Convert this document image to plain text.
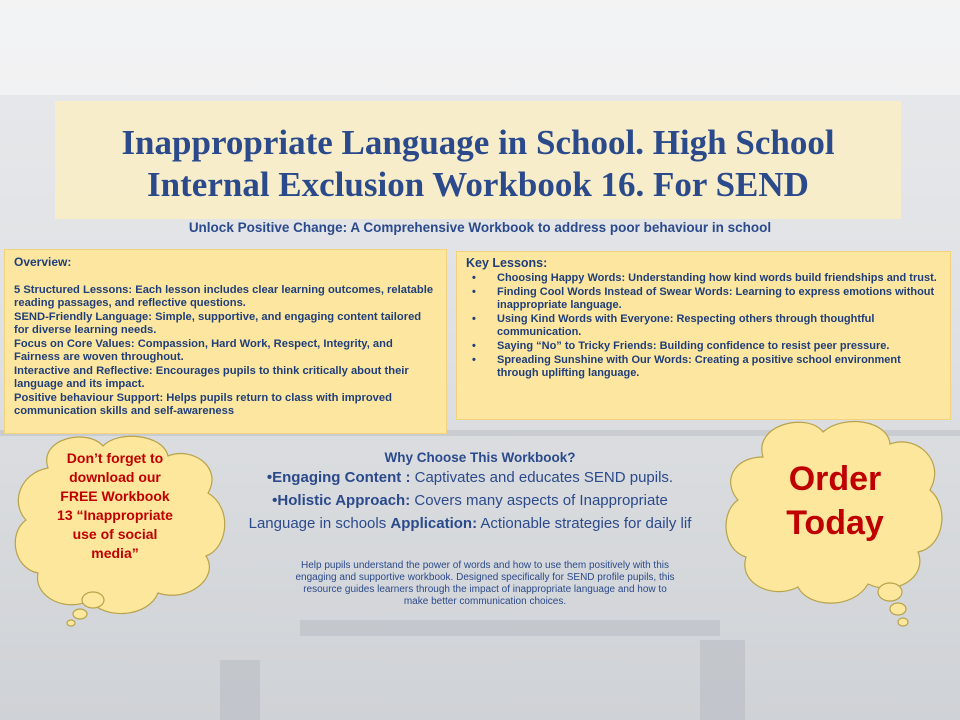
Inappropriate Language in School. High School
Internal Exclusion Workbook 16. For SEND
Unlock Positive Change: A Comprehensive Workbook to address poor behaviour in school
Overview:

5 Structured Lessons: Each lesson includes clear learning outcomes, relatable reading passages, and reflective questions.

SEND-Friendly Language: Simple, supportive, and engaging content tailored for diverse learning needs.

Focus on Core Values: Compassion, Hard Work, Respect, Integrity, and Fairness are woven throughout.

Interactive and Reflective: Encourages pupils to think critically about their language and its impact.

Positive behaviour Support: Helps pupils return to class with improved communication skills and self-awareness

Key Lessons:
• Choosing Happy Words: Understanding how kind words build friendships and trust.
• Finding Cool Words Instead of Swear Words: Learning to express emotions without inappropriate language.
• Using Kind Words with Everyone: Respecting others through thoughtful communication.
• Saying “No” to Tricky Friends: Building confidence to resist peer pressure.
• Spreading Sunshine with Our Words: Creating a positive school environment through uplifting language.
Don’t forget to
download our
FREE Workbook
13 “Inappropriate
use of social
media”
Order
Today
Why Choose This Workbook?
•Engaging Content : Captivates and educates SEND pupils.
•Holistic Approach: Covers many aspects of Inappropriate
Language in schools Application: Actionable strategies for daily lif
Help pupils understand the power of words and how to use them positively with this
engaging and supportive workbook. Designed specifically for SEND profile pupils, this
resource guides learners through the impact of inappropriate language and how to
make better communication choices.
